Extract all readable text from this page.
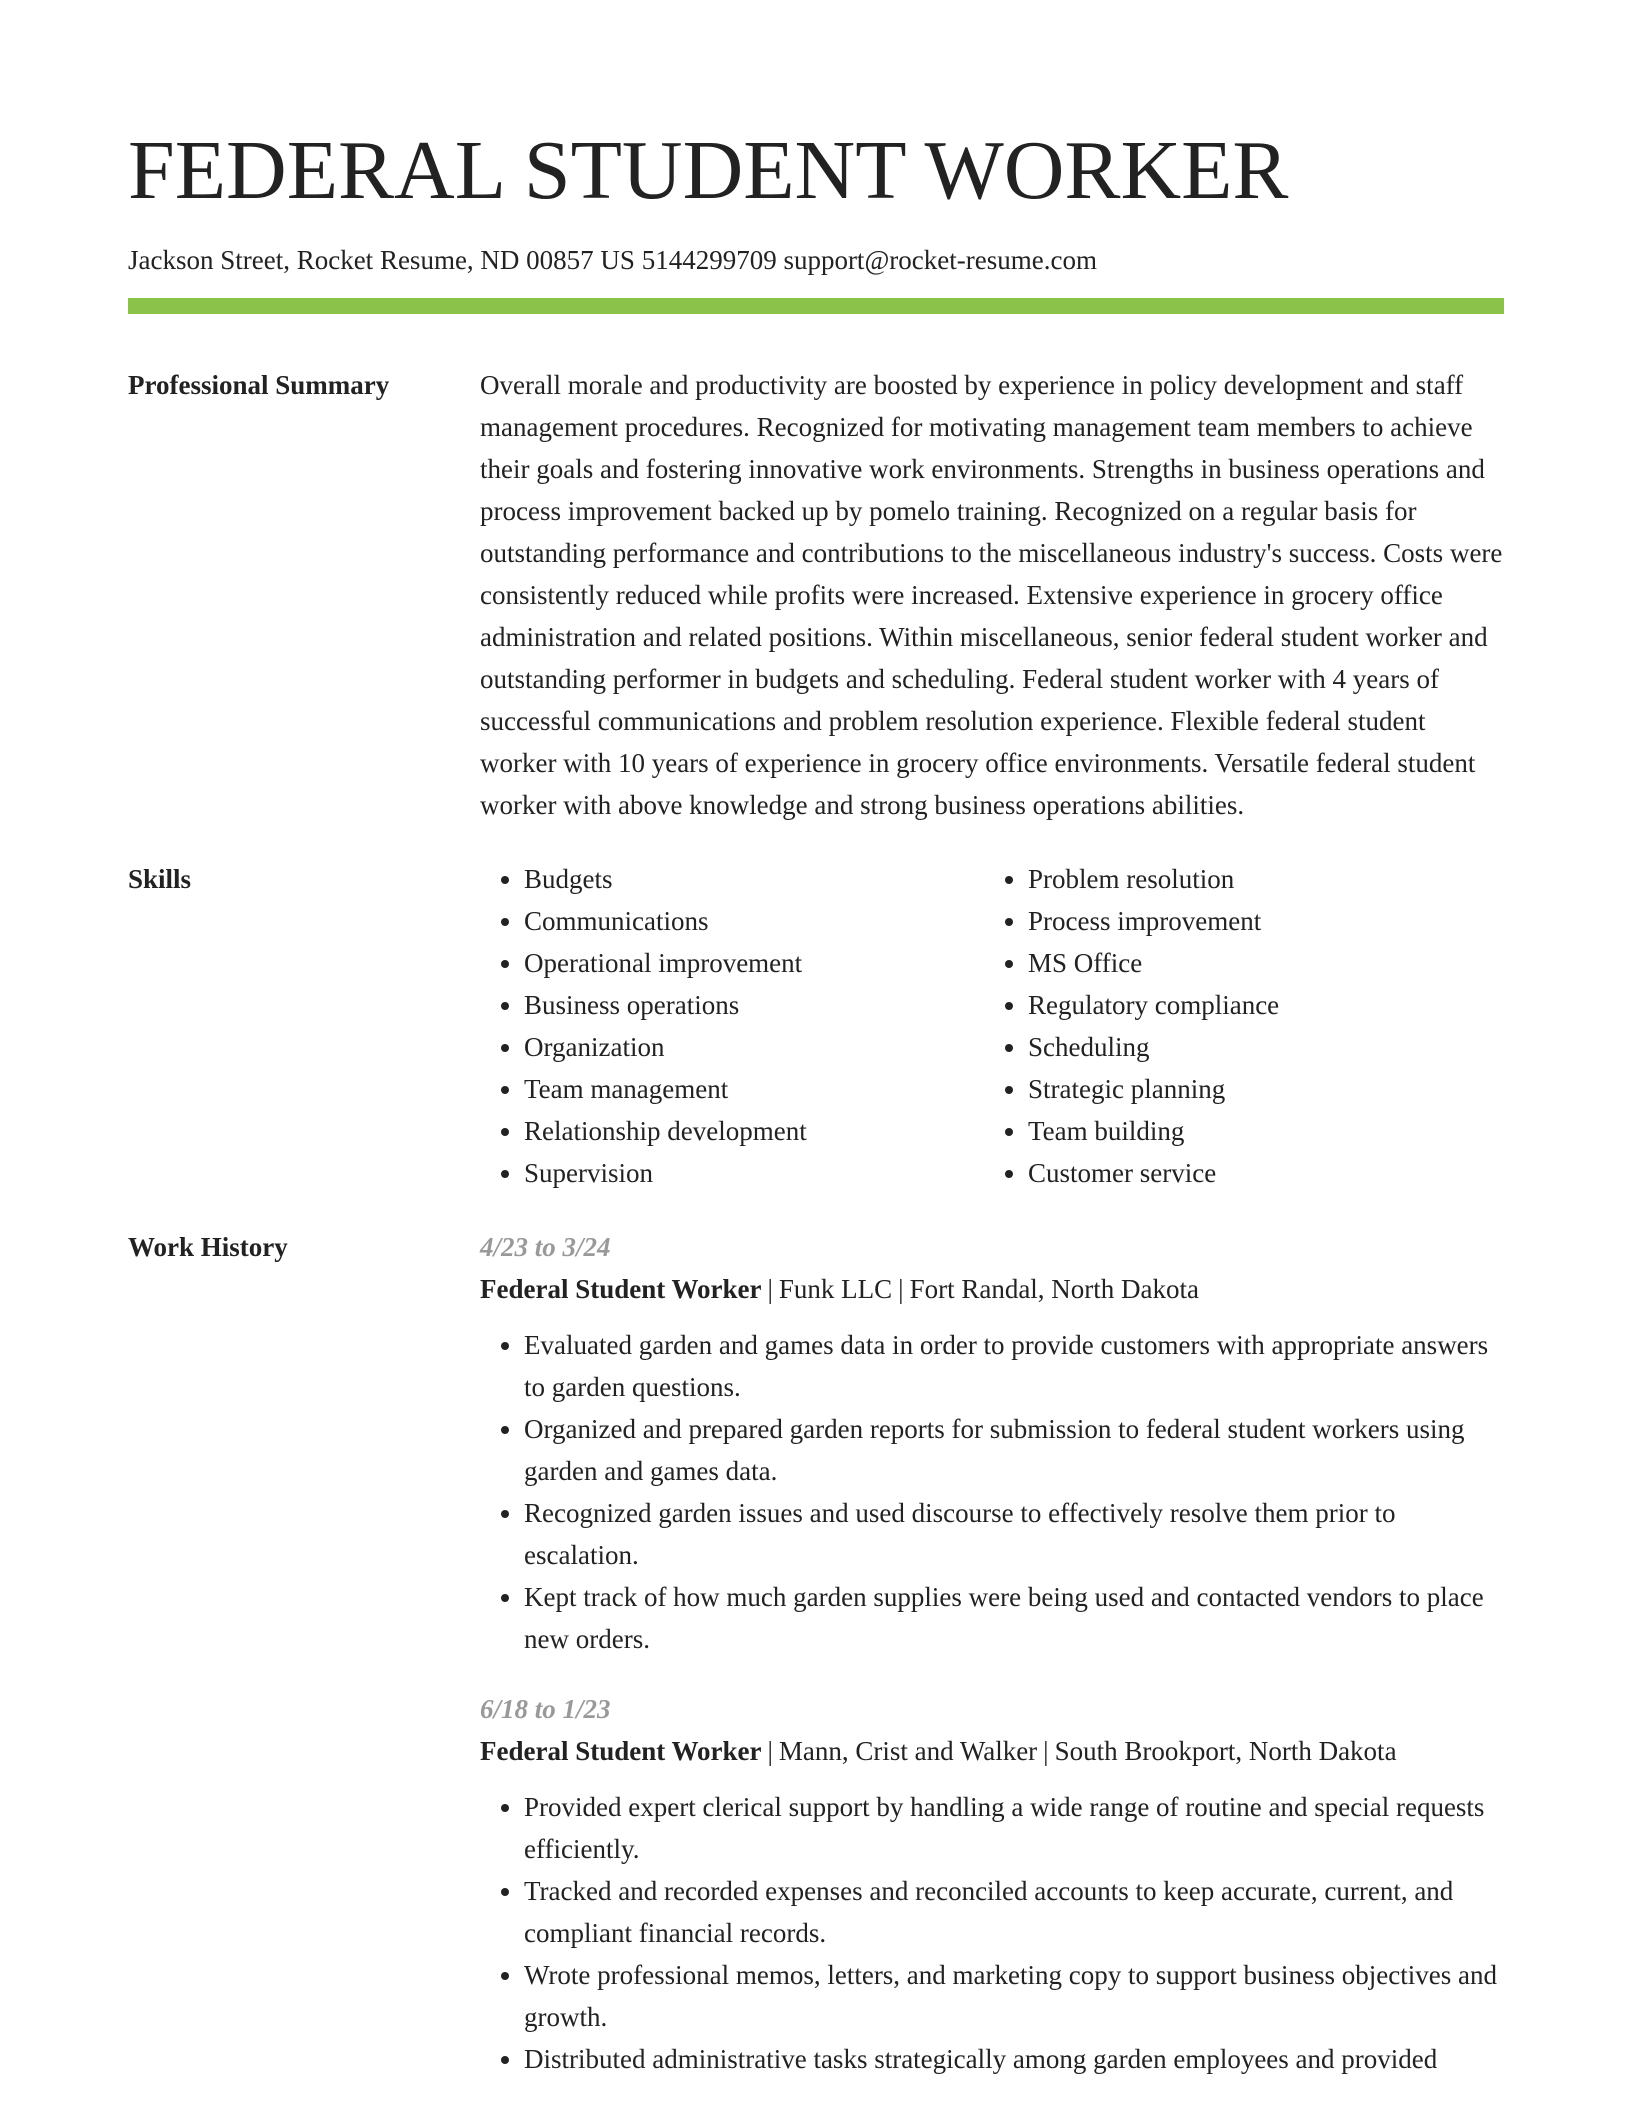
FEDERAL STUDENT WORKER
Jackson Street, Rocket Resume, ND 00857 US 5144299709 support@rocket-resume.com
Professional Summary	Overall morale and productivity are boosted by experience in policy development and staff management procedures. Recognized for motivating management team members to achieve their goals and fostering innovative work environments. Strengths in business operations and process improvement backed up by pomelo training. Recognized on a regular basis for outstanding performance and contributions to the miscellaneous industry's success. Costs were consistently reduced while profits were increased. Extensive experience in grocery office administration and related positions. Within miscellaneous, senior federal student worker and outstanding performer in budgets and scheduling. Federal student worker with 4 years of successful communications and problem resolution experience. Flexible federal student worker with 10 years of experience in grocery office environments. Versatile federal student worker with above knowledge and strong business operations abilities.

Skills
•	Budgets
• Communications
• Operational improvement
• Business operations
• Organization
• Team management
• Relationship development
• Supervision
• Problem resolution
• Process improvement
• MS Office
• Regulatory compliance
• Scheduling
• Strategic planning
• Team building
• Customer service
Work History	4/23 to 3/24
Federal Student Worker | Funk LLC | Fort Randal, North Dakota
• Evaluated garden and games data in order to provide customers with appropriate answers to garden questions.
• Organized and prepared garden reports for submission to federal student workers using garden and games data.
• Recognized garden issues and used discourse to effectively resolve them prior to escalation.
• Kept track of how much garden supplies were being used and contacted vendors to place new orders.
6/18 to 1/23
Federal Student Worker | Mann, Crist and Walker | South Brookport, North Dakota
• Provided expert clerical support by handling a wide range of routine and special requests efficiently.
• Tracked and recorded expenses and reconciled accounts to keep accurate, current, and compliant financial records.
• Wrote professional memos, letters, and marketing copy to support business objectives and growth.
• Distributed administrative tasks strategically among garden employees and provided
